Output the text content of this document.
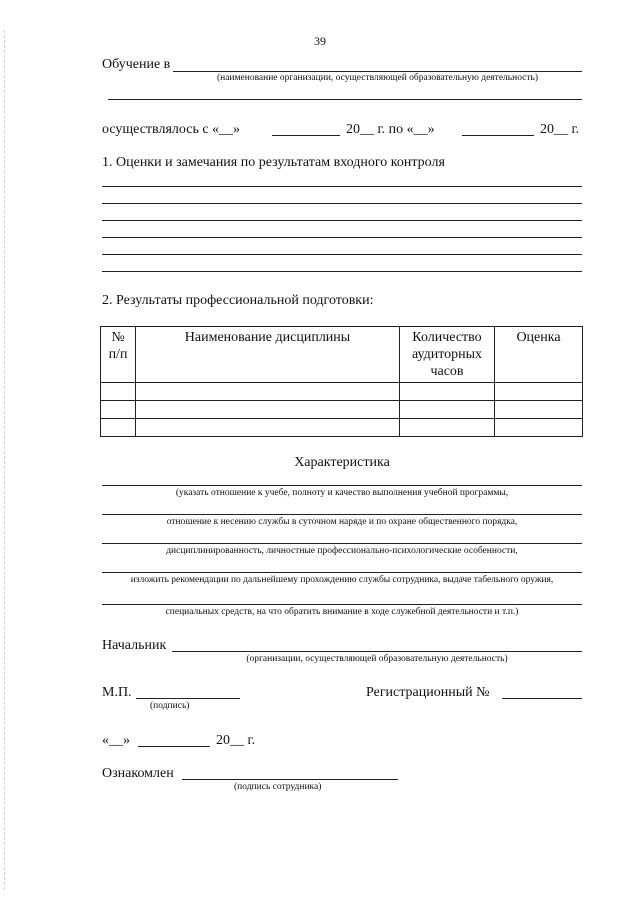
39
Обучение в
(наименование организации, осуществляющей образовательную деятельность)
осуществлялось с «__»	20__ г. по «__»	20__ г.
1. Оценки и замечания по результатам входного контроля
2. Результаты профессиональной подготовки:
№ п/п	Наименование дисциплины	Количество аудиторных часов	Оценка

Характеристика
(указать отношение к учебе, полноту и качество выполнения учебной программы,
отношение к несению службы в суточном наряде и по охране общественного порядка,
дисциплинированность, личностные профессионально-психологические особенности,
изложить рекомендации по дальнейшему прохождению службы сотрудника, выдаче табельного оружия,
специальных средств, на что обратить внимание в ходе служебной деятельности и т.п.)
Начальник
(организации, осуществляющей образовательную деятельность)
М.П.
(подпись)
Регистрационный №
«__»	20__ г.
Ознакомлен
(подпись сотрудника)
